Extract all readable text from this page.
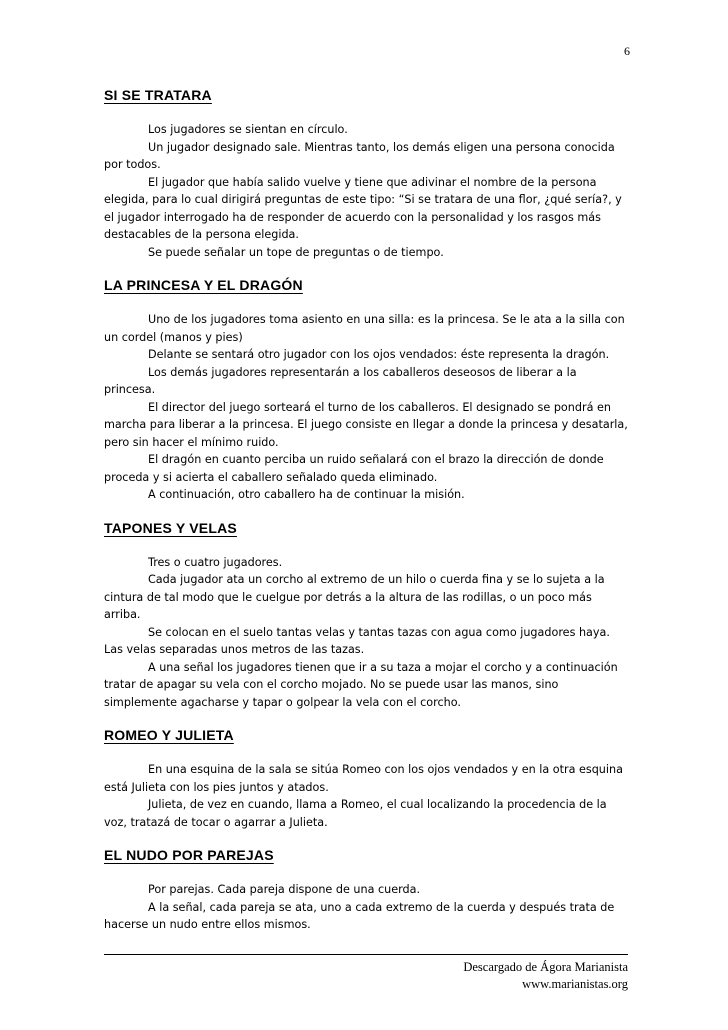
6
SI SE TRATARA

Los jugadores se sientan en círculo.

Un jugador designado sale. Mientras tanto, los demás eligen una persona conocida por todos.

El jugador que había salido vuelve y tiene que adivinar el nombre de la persona elegida, para lo cual dirigirá preguntas de este tipo: “Si se tratara de una flor, ¿qué sería?, y el jugador interrogado ha de responder de acuerdo con la personalidad y los rasgos más destacables de la persona elegida.

Se puede señalar un tope de preguntas o de tiempo.

LA PRINCESA Y EL DRAGÓN

Uno de los jugadores toma asiento en una silla: es la princesa. Se le ata a la silla con un cordel (manos y pies)

Delante se sentará otro jugador con los ojos vendados: éste representa la dragón.

Los demás jugadores representarán a los caballeros deseosos de liberar a la princesa.

El director del juego sorteará el turno de los caballeros. El designado se pondrá en marcha para liberar a la princesa. El juego consiste en llegar a donde la princesa y desatarla, pero sin hacer el mínimo ruido.

El dragón en cuanto perciba un ruido señalará con el brazo la dirección de donde proceda y si acierta el caballero señalado queda eliminado.

A continuación, otro caballero ha de continuar la misión.

TAPONES Y VELAS

Tres o cuatro jugadores.

Cada jugador ata un corcho al extremo de un hilo o cuerda fina y se lo sujeta a la cintura de tal modo que le cuelgue por detrás a la altura de las rodillas, o un poco más arriba.

Se colocan en el suelo tantas velas y tantas tazas con agua como jugadores haya. Las velas separadas unos metros de las tazas.

A una señal los jugadores tienen que ir a su taza a mojar el corcho y a continuación tratar de apagar su vela con el corcho mojado. No se puede usar las manos, sino simplemente agacharse y tapar o golpear la vela con el corcho.

ROMEO Y JULIETA

En una esquina de la sala se sitúa Romeo con los ojos vendados y en la otra esquina está Julieta con los pies juntos y atados.

Julieta, de vez en cuando, llama a Romeo, el cual localizando la procedencia de la voz, tratazá de tocar o agarrar a Julieta.

EL NUDO POR PAREJAS

Por parejas. Cada pareja dispone de una cuerda.

A la señal, cada pareja se ata, uno a cada extremo de la cuerda y después trata de hacerse un nudo entre ellos mismos.

Descargado de Ágora Marianista
www.marianistas.org
